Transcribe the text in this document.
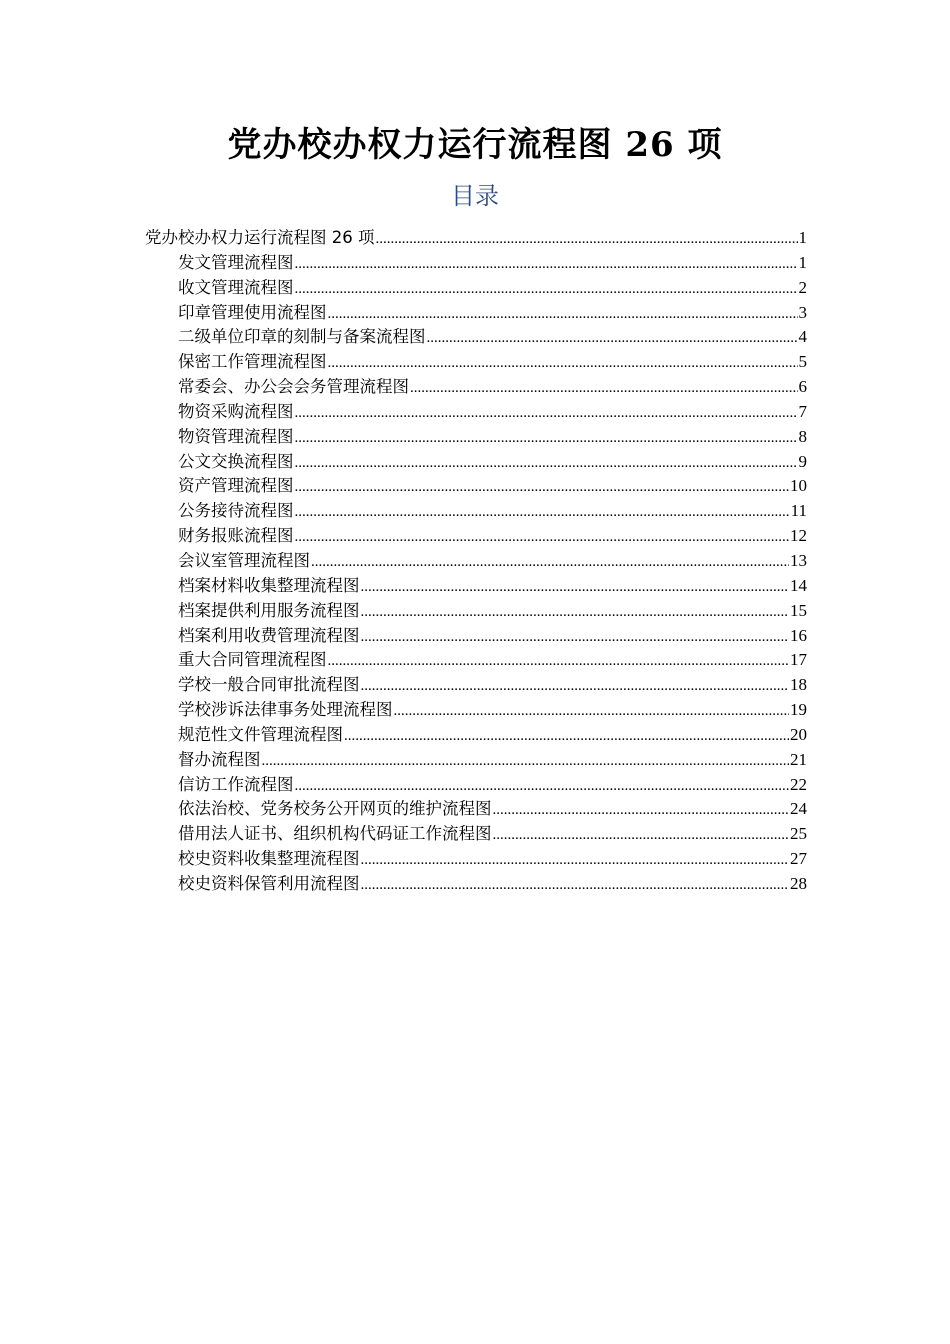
党办校办权力运行流程图 26 项
目录
党办校办权力运行流程图 26 项 .....	1
发文管理流程图 .....	1
收文管理流程图 .....	2
印章管理使用流程图 .....	3
二级单位印章的刻制与备案流程图 .....	4
保密工作管理流程图 .....	5
常委会、办公会会务管理流程图 .....	6
物资采购流程图 .....	7
物资管理流程图 .....	8
公文交换流程图 .....	9
资产管理流程图 .....	10
公务接待流程图 .....	11
财务报账流程图 .....	12
会议室管理流程图 .....	13
档案材料收集整理流程图 .....	14
档案提供利用服务流程图 .....	15
档案利用收费管理流程图 .....	16
重大合同管理流程图 .....	17
学校一般合同审批流程图 .....	18
学校涉诉法律事务处理流程图 .....	19
规范性文件管理流程图 .....	20
督办流程图 .....	21
信访工作流程图 .....	22
依法治校、党务校务公开网页的维护流程图 .....	24
借用法人证书、组织机构代码证工作流程图 .....	25
校史资料收集整理流程图 .....	27
校史资料保管利用流程图 .....	28
